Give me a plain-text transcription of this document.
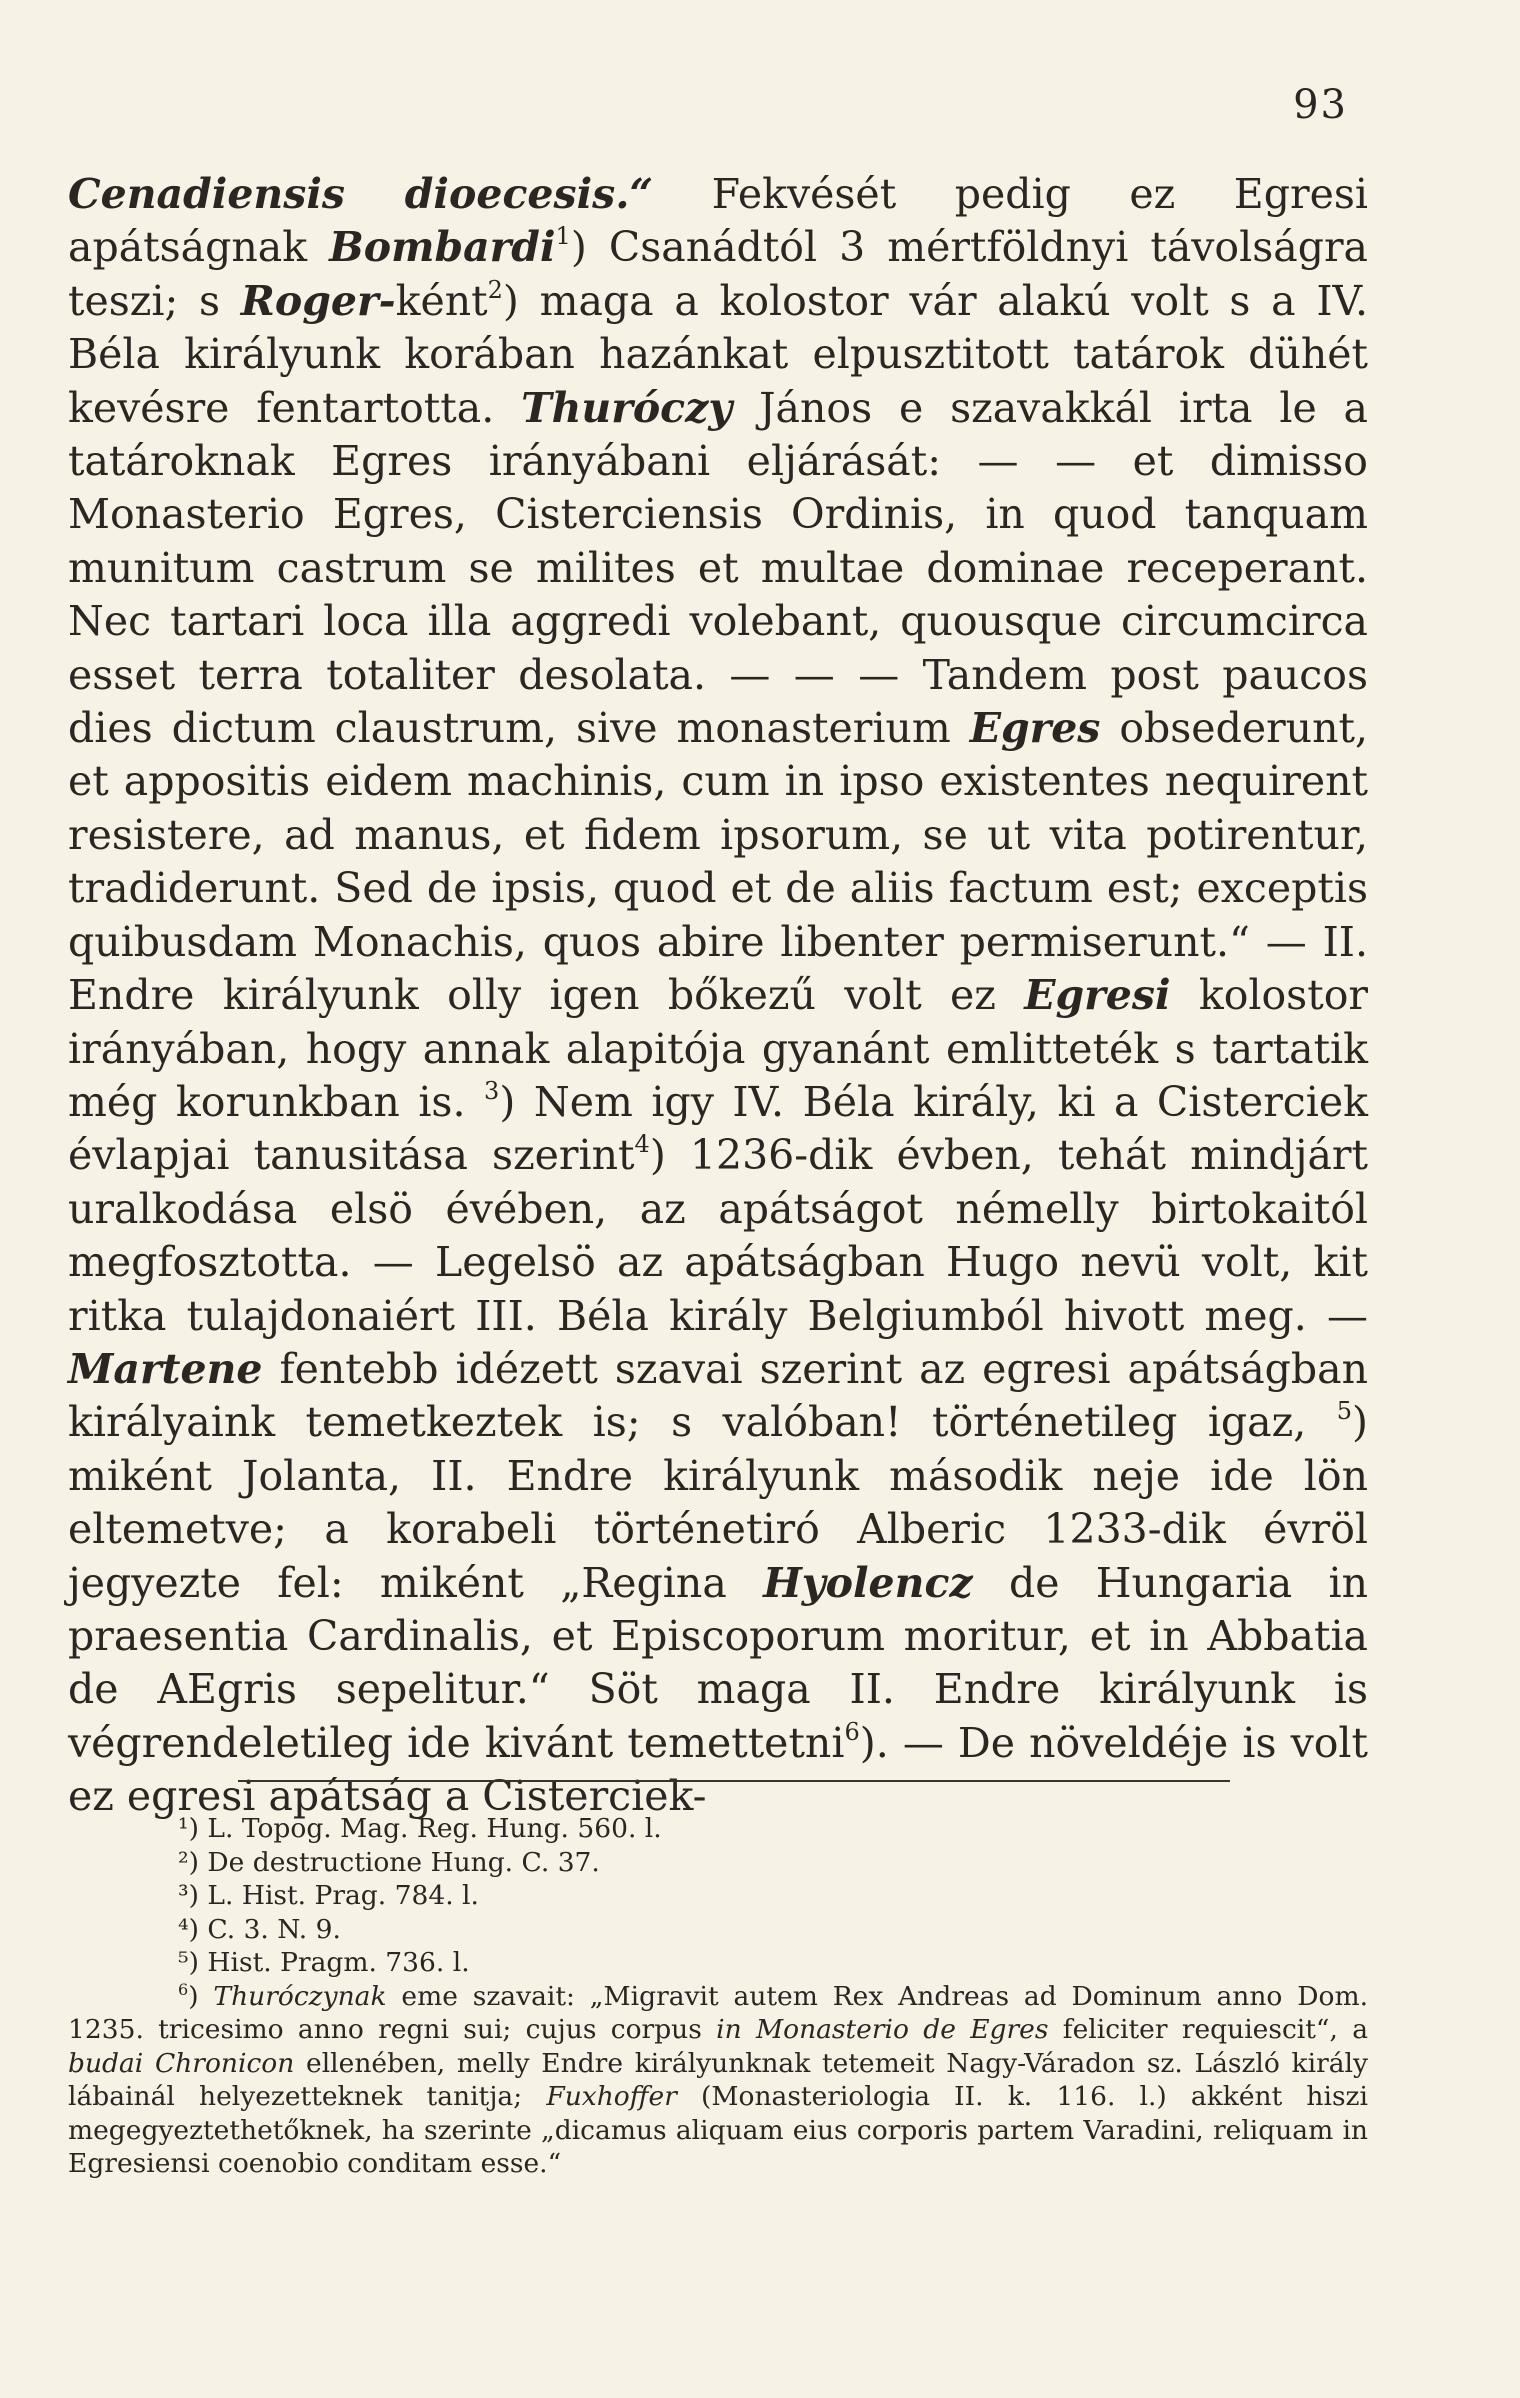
93

Cenadiensis dioecesis.“ Fekvését pedig ez Egresi apátságnak Bombardi$^1$) Csanádtól 3 mértföldnyi távolságra teszi; s Roger-ként$^2$) maga a kolostor vár alakú volt s a IV. Béla királyunk korában hazánkat elpusztitott tatárok dühét kevésre fentartotta. Thuróczy János e szavakkál irta le a tatároknak Egres irányábani eljárását: — — et dimisso Monasterio Egres, Cisterciensis Ordinis, in quod tanquam munitum castrum se milites et multae dominae receperant. Nec tartari loca illa aggredi volebant, quousque circumcirca esset terra totaliter desolata. — — — Tandem post paucos dies dictum claustrum, sive monasterium Egres obsederunt, et appositis eidem machinis, cum in ipso existentes nequirent resistere, ad manus, et fidem ipsorum, se ut vita potirentur, tradiderunt. Sed de ipsis, quod et de aliis factum est; exceptis quibusdam Monachis, quos abire libenter permiserunt.“ — II. Endre királyunk olly igen bőkezű volt ez Egresi kolostor irányában, hogy annak alapitója gyanánt emlitteték s tartatik még korunkban is. $^3$) Nem igy IV. Béla király, ki a Cisterciek évlapjai tanusitása szerint$^4$) 1236-dik évben, tehát mindjárt uralkodása elsö évében, az apátságot némelly birtokaitól megfosztotta. — Legelsö az apátságban Hugo nevü volt, kit ritka tulajdonaiért III. Béla király Belgiumból hivott meg. — Martene fentebb idézett szavai szerint az egresi apátságban királyaink temetkeztek is; s valóban! történetileg igaz, $^5$) miként Jolanta, II. Endre királyunk második neje ide lön eltemetve; a korabeli történetiró Alberic 1233-dik évröl jegyezte fel: miként „Regina Hyolencz de Hungaria in praesentia Cardinalis, et Episcoporum moritur, et in Abbatia de AEgris sepelitur.“ Söt maga II. Endre királyunk is végrendeletileg ide kivánt temettetni$^6$). — De növeldéje is volt ez egresi apátság a Cisterciek-

¹) L. Topog. Mag. Reg. Hung. 560. l.
²) De destructione Hung. C. 37.
³) L. Hist. Prag. 784. l.
⁴) C. 3. N. 9.
⁵) Hist. Pragm. 736. l.
$^6$) Thuróczynak eme szavait: „Migravit autem Rex Andreas ad Dominum anno Dom. 1235. tricesimo anno regni sui; cujus corpus in Monasterio de Egres feliciter requiescit“, a budai Chronicon ellenében, melly Endre királyunknak tetemeit Nagy-Váradon sz. László király lábainál helyezetteknek tanitja; Fuxhoffer (Monasteriologia II. k. 116. l.) akként hiszi megegyeztethetőknek, ha szerinte „dicamus aliquam eius corporis partem Varadini, reliquam in Egresiensi coenobio conditam esse.“
